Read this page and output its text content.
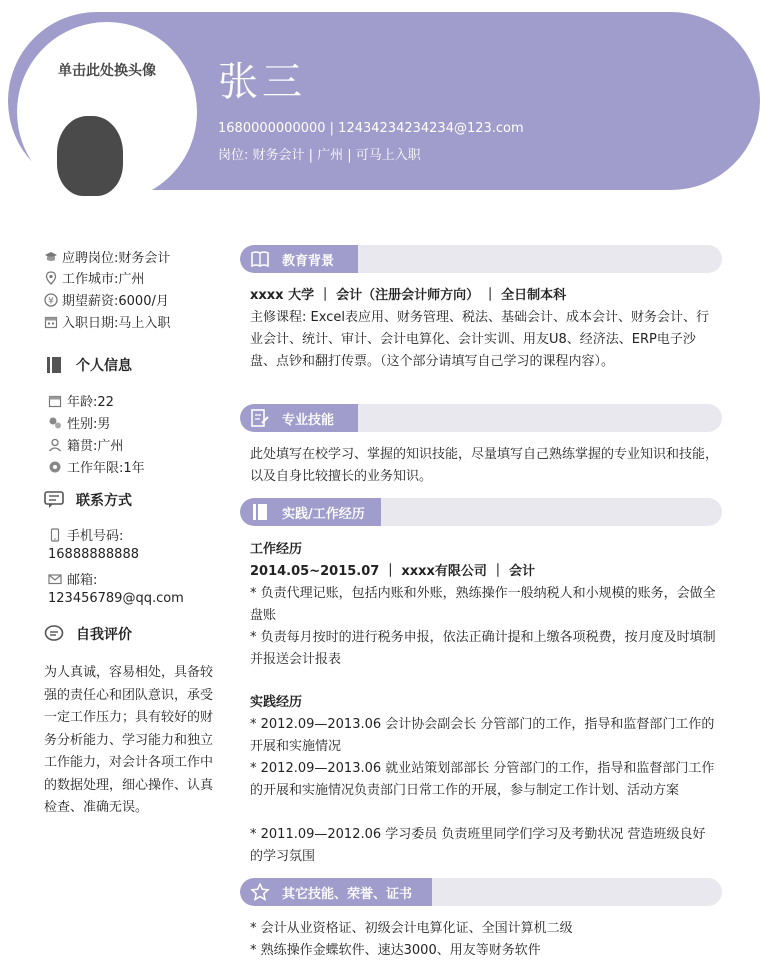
单击此处换头像	张三
1680000000000 | 12434234234234@123.com
岗位: 财务会计 | 广州 | 可马上入职
应聘岗位:财务会计
工作城市:广州
¥ 期望薪资:6000/月
入职日期:马上入职
个人信息
年龄:22
性别:男
籍贯:广州
工作年限:1年
联系方式
手机号码:
16888888888
邮箱:
123456789@qq.com
自我评价
为人真诚，容易相处，具备较强的责任心和团队意识，承受一定工作压力；具有较好的财务分析能力、学习能力和独立工作能力，对会计各项工作中的数据处理，细心操作、认真检查、准确无误。
教育背景
xxxx 大学 ｜ 会计（注册会计师方向） ｜ 全日制本科
主修课程: Excel表应用、财务管理、税法、基础会计、成本会计、财务会计、行业会计、统计、审计、会计电算化、会计实训、用友U8、经济法、ERP电子沙盘、点钞和翻打传票。（这个部分请填写自己学习的课程内容）。
专业技能
此处填写在校学习、掌握的知识技能，尽量填写自己熟练掌握的专业知识和技能，以及自身比较擅长的业务知识。
实践/工作经历
工作经历
2014.05~2015.07 ｜ xxxx有限公司 ｜ 会计
* 负责代理记账，包括内账和外账，熟练操作一般纳税人和小规模的账务，会做全盘账
* 负责每月按时的进行税务申报，依法正确计提和上缴各项税费，按月度及时填制并报送会计报表
实践经历
* 2012.09—2013.06 会计协会副会长 分管部门的工作，指导和监督部门工作的开展和实施情况
* 2012.09—2013.06 就业站策划部部长 分管部门的工作，指导和监督部门工作的开展和实施情况负责部门日常工作的开展，参与制定工作计划、活动方案
* 2011.09—2012.06 学习委员 负责班里同学们学习及考勤状况 营造班级良好的学习氛围
其它技能、荣誉、证书
* 会计从业资格证、初级会计电算化证、全国计算机二级
* 熟练操作金蝶软件、速达3000、用友等财务软件
